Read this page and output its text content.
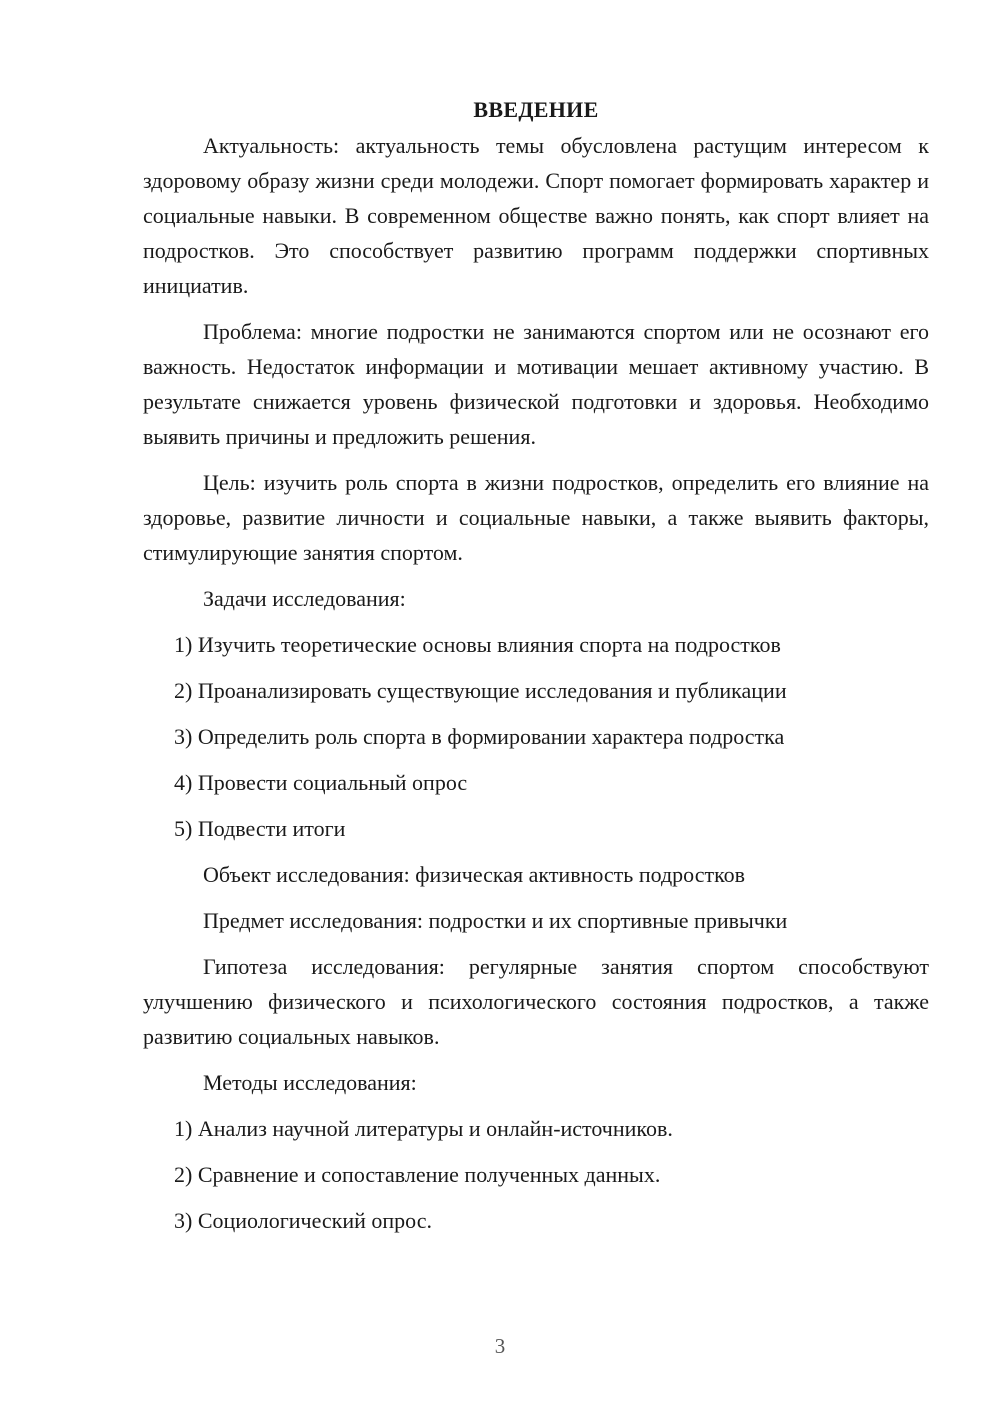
ВВЕДЕНИЕ

Актуальность: актуальность темы обусловлена растущим интересом к здоровому образу жизни среди молодежи. Спорт помогает формировать характер и социальные навыки. В современном обществе важно понять, как спорт влияет на подростков. Это способствует развитию программ поддержки спортивных инициатив.

Проблема: многие подростки не занимаются спортом или не осознают его важность. Недостаток информации и мотивации мешает активному участию. В результате снижается уровень физической подготовки и здоровья. Необходимо выявить причины и предложить решения.

Цель: изучить роль спорта в жизни подростков, определить его влияние на здоровье, развитие личности и социальные навыки, а также выявить факторы, стимулирующие занятия спортом.

Задачи исследования:
1) Изучить теоретические основы влияния спорта на подростков
2) Проанализировать существующие исследования и публикации
3) Определить роль спорта в формировании характера подростка
4) Провести социальный опрос
5) Подвести итоги
Объект исследования: физическая активность подростков
Предмет исследования: подростки и их спортивные привычки

Гипотеза исследования: регулярные занятия спортом способствуют улучшению физического и психологического состояния подростков, а также развитию социальных навыков.

Методы исследования:
1) Анализ научной литературы и онлайн-источников.
2) Сравнение и сопоставление полученных данных.
3) Социологический опрос.
3
